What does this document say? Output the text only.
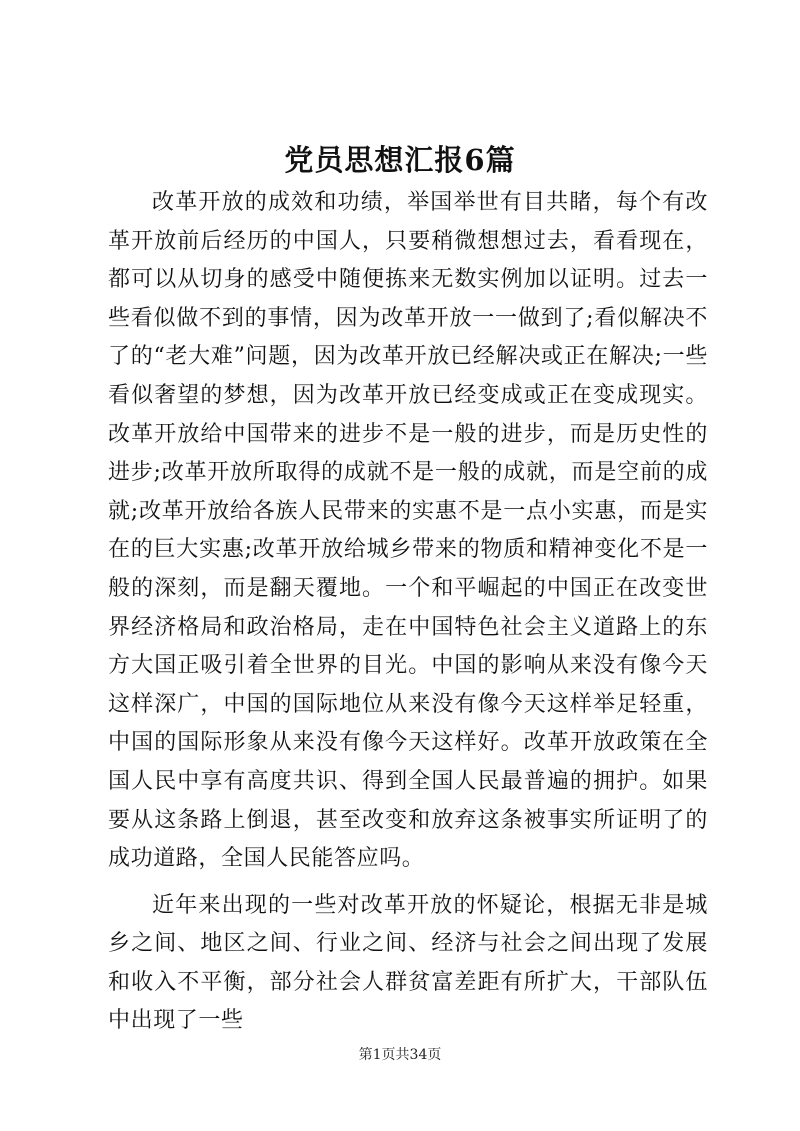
党员思想汇报6篇

改革开放的成效和功绩，举国举世有目共睹，每个有改革开放前后经历的中国人，只要稍微想想过去，看看现在，都可以从切身的感受中随便拣来无数实例加以证明。过去一些看似做不到的事情，因为改革开放一一做到了;看似解决不了的“老大难”问题，因为改革开放已经解决或正在解决;一些看似奢望的梦想，因为改革开放已经变成或正在变成现实。改革开放给中国带来的进步不是一般的进步，而是历史性的进步;改革开放所取得的成就不是一般的成就，而是空前的成就;改革开放给各族人民带来的实惠不是一点小实惠，而是实在的巨大实惠;改革开放给城乡带来的物质和精神变化不是一般的深刻，而是翻天覆地。一个和平崛起的中国正在改变世界经济格局和政治格局，走在中国特色社会主义道路上的东方大国正吸引着全世界的目光。中国的影响从来没有像今天这样深广，中国的国际地位从来没有像今天这样举足轻重，中国的国际形象从来没有像今天这样好。改革开放政策在全国人民中享有高度共识、得到全国人民最普遍的拥护。如果要从这条路上倒退，甚至改变和放弃这条被事实所证明了的成功道路，全国人民能答应吗。

近年来出现的一些对改革开放的怀疑论，根据无非是城乡之间、地区之间、行业之间、经济与社会之间出现了发展和收入不平衡，部分社会人群贫富差距有所扩大，干部队伍中出现了一些

第1页共34页
